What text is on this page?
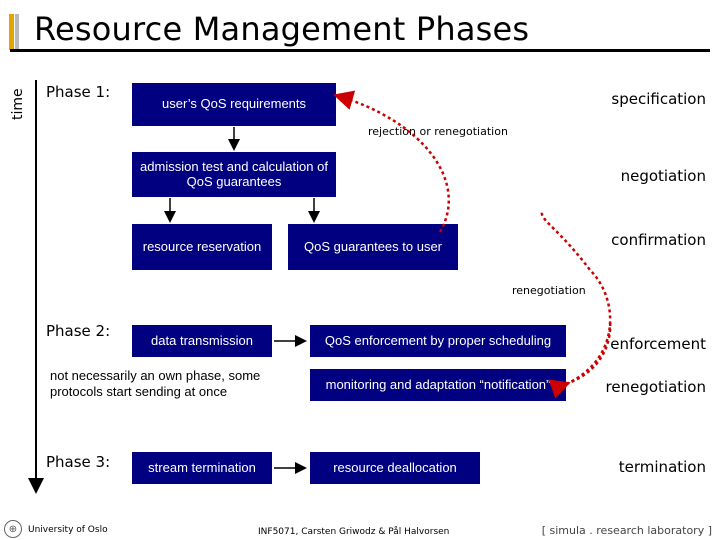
Resource Management Phases
time Phase 1:
Phase 2:
Phase 3:
user’s QoS requirements
admission test and calculation of QoS guarantees
resource reservation	QoS guarantees to user
data transmission	QoS enforcement by proper scheduling
monitoring and adaptation “notification”
stream termination	resource deallocation
specification
negotiation
confirmation
enforcement
renegotiation
termination
rejection or renegotiation
renegotiation
not necessarily an own phase, some protocols start sending at once
⊕	University of Oslo	INF5071, Carsten Griwodz & Pål Halvorsen	[ simula . research laboratory ]
